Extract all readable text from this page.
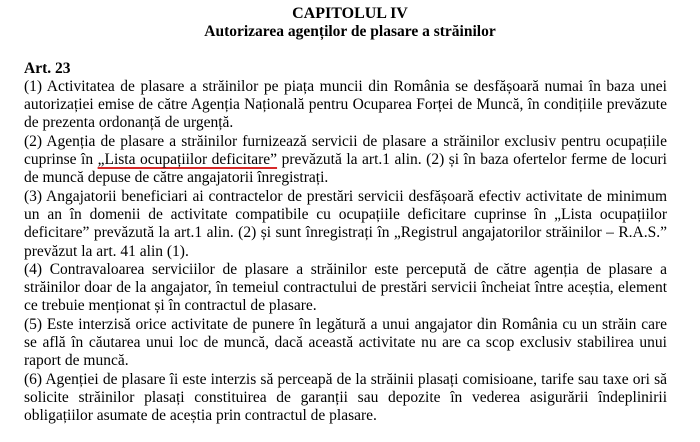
CAPITOLUL IV
Autorizarea agenților de plasare a străinilor
Art. 23

(1) Activitatea de plasare a străinilor pe piața muncii din România se desfășoară numai în baza unei autorizației emise de către Agenția Națională pentru Ocuparea Forței de Muncă, în condițiile prevăzute de prezenta ordonanță de urgență.

(2) Agenția de plasare a străinilor furnizează servicii de plasare a străinilor exclusiv pentru ocupațiile cuprinse în „Lista ocupațiilor deficitare” prevăzută la art.1 alin. (2) și în baza ofertelor ferme de locuri de muncă depuse de către angajatorii înregistrați.

(3) Angajatorii beneficiari ai contractelor de prestări servicii desfășoară efectiv activitate de minimum un an în domenii de activitate compatibile cu ocupațiile deficitare cuprinse în „Lista ocupațiilor deficitare” prevăzută la art.1 alin. (2) și sunt înregistrați în „Registrul angajatorilor străinilor – R.A.S.” prevăzut la art. 41 alin (1).

(4) Contravaloarea serviciilor de plasare a străinilor este percepută de către agenția de plasare a străinilor doar de la angajator, în temeiul contractului de prestări servicii încheiat între aceștia, element ce trebuie menționat și în contractul de plasare.

(5) Este interzisă orice activitate de punere în legătură a unui angajator din România cu un străin care se află în căutarea unui loc de muncă, dacă această activitate nu are ca scop exclusiv stabilirea unui raport de muncă.

(6) Agenției de plasare îi este interzis să perceapă de la străinii plasați comisioane, tarife sau taxe ori să solicite străinilor plasați constituirea de garanții sau depozite în vederea asigurării îndeplinirii obligațiilor asumate de aceștia prin contractul de plasare.
